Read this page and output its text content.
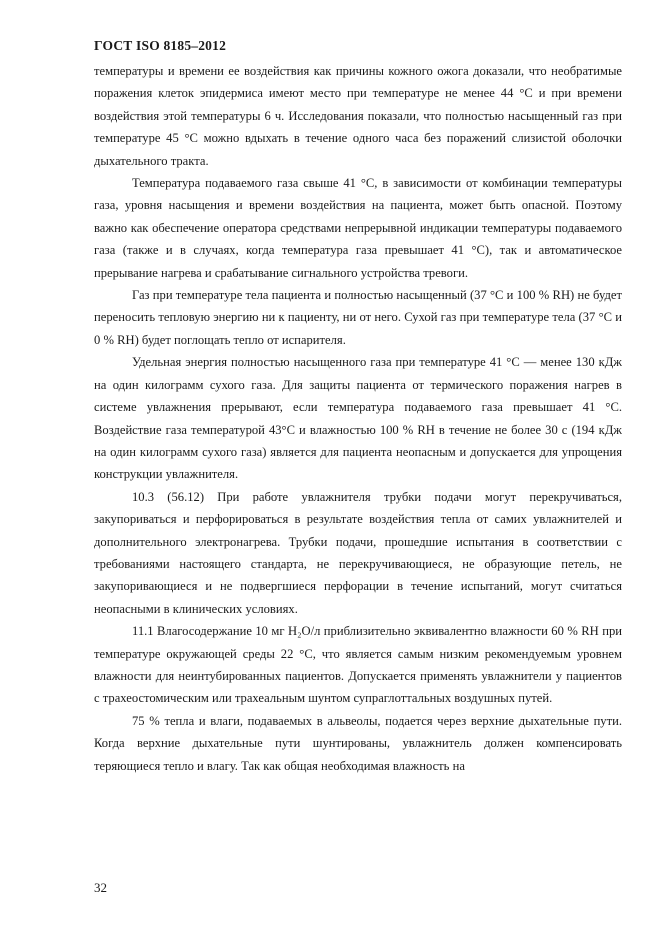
ГОСТ ISO 8185–2012

температуры и времени ее воздействия как причины кожного ожога доказали, что необратимые поражения клеток эпидермиса имеют место при температуре не менее 44 °С и при времени воздействия этой температуры 6 ч. Исследования показали, что полностью насыщенный газ при температуре 45 °С можно вдыхать в течение одного часа без поражений слизистой оболочки дыхательного тракта.

Температура подаваемого газа свыше 41 °С, в зависимости от комбинации температуры газа, уровня насыщения и времени воздействия на пациента, может быть опасной. Поэтому важно как обеспечение оператора средствами непрерывной индикации температуры подаваемого газа (также и в случаях, когда температура газа превышает 41 °С), так и автоматическое прерывание нагрева и срабатывание сигнального устройства тревоги.

Газ при температуре тела пациента и полностью насыщенный (37 °С и 100 % RH) не будет переносить тепловую энергию ни к пациенту, ни от него. Сухой газ при температуре тела (37 °С и 0 % RH) будет поглощать тепло от испарителя.

Удельная энергия полностью насыщенного газа при температуре 41 °С — менее 130 кДж на один килограмм сухого газа. Для защиты пациента от термического поражения нагрев в системе увлажнения прерывают, если температура подаваемого газа превышает 41 °С. Воздействие газа температурой 43°С и влажностью 100 % RH в течение не более 30 с (194 кДж на один килограмм сухого газа) является для пациента неопасным и допускается для упрощения конструкции увлажнителя.

10.3 (56.12) При работе увлажнителя трубки подачи могут перекручиваться, закупориваться и перфорироваться в результате воздействия тепла от самих увлажнителей и дополнительного электронагрева. Трубки подачи, прошедшие испытания в соответствии с требованиями настоящего стандарта, не перекручивающиеся, не образующие петель, не закупоривающиеся и не подвергшиеся перфорации в течение испытаний, могут считаться неопасными в клинических условиях.

11.1 Влагосодержание 10 мг H₂O/л приблизительно эквивалентно влажности 60 % RH при температуре окружающей среды 22 °С, что является самым низким рекомендуемым уровнем влажности для неинтубированных пациентов. Допускается применять увлажнители у пациентов с трахеостомическим или трахеальным шунтом супраглоттальных воздушных путей.

75 % тепла и влаги, подаваемых в альвеолы, подается через верхние дыхательные пути. Когда верхние дыхательные пути шунтированы, увлажнитель должен компенсировать теряющиеся тепло и влагу. Так как общая необходимая влажность на

32
